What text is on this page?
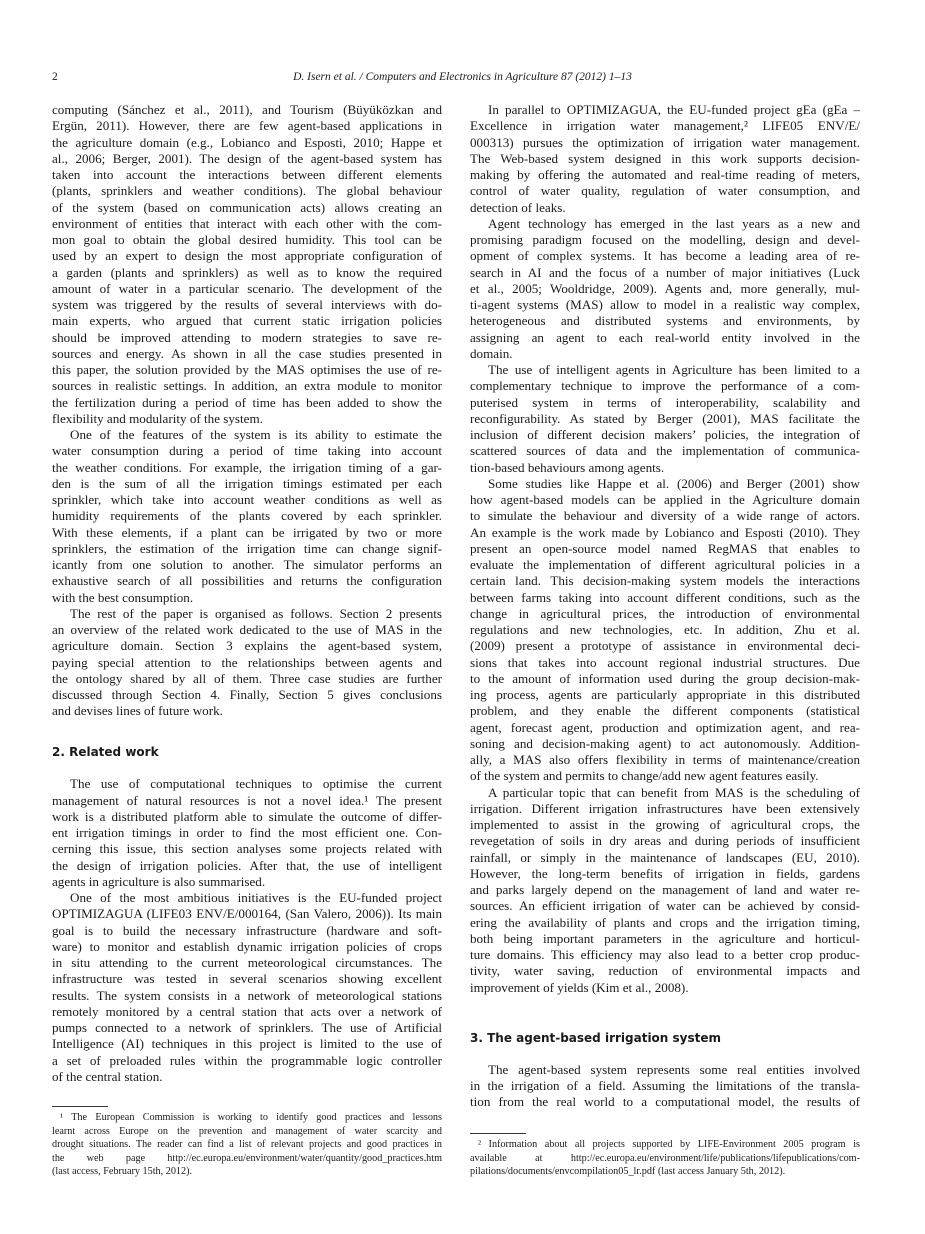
2	D. Isern et al. / Computers and Electronics in Agriculture 87 (2012) 1–13
computing (Sánchez et al., 2011), and Tourism (Büyüközkan and
Ergün, 2011). However, there are few agent-based applications in
the agriculture domain (e.g., Lobianco and Esposti, 2010; Happe et
al., 2006; Berger, 2001). The design of the agent-based system has
taken into account the interactions between different elements
(plants, sprinklers and weather conditions). The global behaviour
of the system (based on communication acts) allows creating an
environment of entities that interact with each other with the com-
mon goal to obtain the global desired humidity. This tool can be
used by an expert to design the most appropriate configuration of
a garden (plants and sprinklers) as well as to know the required
amount of water in a particular scenario. The development of the
system was triggered by the results of several interviews with do-
main experts, who argued that current static irrigation policies
should be improved attending to modern strategies to save re-
sources and energy. As shown in all the case studies presented in
this paper, the solution provided by the MAS optimises the use of re-
sources in realistic settings. In addition, an extra module to monitor
the fertilization during a period of time has been added to show the
flexibility and modularity of the system.
One of the features of the system is its ability to estimate the
water consumption during a period of time taking into account
the weather conditions. For example, the irrigation timing of a gar-
den is the sum of all the irrigation timings estimated per each
sprinkler, which take into account weather conditions as well as
humidity requirements of the plants covered by each sprinkler.
With these elements, if a plant can be irrigated by two or more
sprinklers, the estimation of the irrigation time can change signif-
icantly from one solution to another. The simulator performs an
exhaustive search of all possibilities and returns the configuration
with the best consumption.
The rest of the paper is organised as follows. Section 2 presents
an overview of the related work dedicated to the use of MAS in the
agriculture domain. Section 3 explains the agent-based system,
paying special attention to the relationships between agents and
the ontology shared by all of them. Three case studies are further
discussed through Section 4. Finally, Section 5 gives conclusions
and devises lines of future work.
2. Related work
The use of computational techniques to optimise the current
management of natural resources is not a novel idea.¹ The present
work is a distributed platform able to simulate the outcome of differ-
ent irrigation timings in order to find the most efficient one. Con-
cerning this issue, this section analyses some projects related with
the design of irrigation policies. After that, the use of intelligent
agents in agriculture is also summarised.
One of the most ambitious initiatives is the EU-funded project
OPTIMIZAGUA (LIFE03 ENV/E/000164, (San Valero, 2006)). Its main
goal is to build the necessary infrastructure (hardware and soft-
ware) to monitor and establish dynamic irrigation policies of crops
in situ attending to the current meteorological circumstances. The
infrastructure was tested in several scenarios showing excellent
results. The system consists in a network of meteorological stations
remotely monitored by a central station that acts over a network of
pumps connected to a network of sprinklers. The use of Artificial
Intelligence (AI) techniques in this project is limited to the use of
a set of preloaded rules within the programmable logic controller
of the central station.
In parallel to OPTIMIZAGUA, the EU-funded project gEa (gEa –
Excellence in irrigation water management,² LIFE05 ENV/E/
000313) pursues the optimization of irrigation water management.
The Web-based system designed in this work supports decision-
making by offering the automated and real-time reading of meters,
control of water quality, regulation of water consumption, and
detection of leaks.
Agent technology has emerged in the last years as a new and
promising paradigm focused on the modelling, design and devel-
opment of complex systems. It has become a leading area of re-
search in AI and the focus of a number of major initiatives (Luck
et al., 2005; Wooldridge, 2009). Agents and, more generally, mul-
ti-agent systems (MAS) allow to model in a realistic way complex,
heterogeneous and distributed systems and environments, by
assigning an agent to each real-world entity involved in the
domain.
The use of intelligent agents in Agriculture has been limited to a
complementary technique to improve the performance of a com-
puterised system in terms of interoperability, scalability and
reconfigurability. As stated by Berger (2001), MAS facilitate the
inclusion of different decision makers’ policies, the integration of
scattered sources of data and the implementation of communica-
tion-based behaviours among agents.
Some studies like Happe et al. (2006) and Berger (2001) show
how agent-based models can be applied in the Agriculture domain
to simulate the behaviour and diversity of a wide range of actors.
An example is the work made by Lobianco and Esposti (2010). They
present an open-source model named RegMAS that enables to
evaluate the implementation of different agricultural policies in a
certain land. This decision-making system models the interactions
between farms taking into account different conditions, such as the
change in agricultural prices, the introduction of environmental
regulations and new technologies, etc. In addition, Zhu et al.
(2009) present a prototype of assistance in environmental deci-
sions that takes into account regional industrial structures. Due
to the amount of information used during the group decision-mak-
ing process, agents are particularly appropriate in this distributed
problem, and they enable the different components (statistical
agent, forecast agent, production and optimization agent, and rea-
soning and decision-making agent) to act autonomously. Addition-
ally, a MAS also offers flexibility in terms of maintenance/creation
of the system and permits to change/add new agent features easily.
A particular topic that can benefit from MAS is the scheduling of
irrigation. Different irrigation infrastructures have been extensively
implemented to assist in the growing of agricultural crops, the
revegetation of soils in dry areas and during periods of insufficient
rainfall, or simply in the maintenance of landscapes (EU, 2010).
However, the long-term benefits of irrigation in fields, gardens
and parks largely depend on the management of land and water re-
sources. An efficient irrigation of water can be achieved by consid-
ering the availability of plants and crops and the irrigation timing,
both being important parameters in the agriculture and horticul-
ture domains. This efficiency may also lead to a better crop produc-
tivity, water saving, reduction of environmental impacts and
improvement of yields (Kim et al., 2008).
3. The agent-based irrigation system
The agent-based system represents some real entities involved
in the irrigation of a field. Assuming the limitations of the transla-
tion from the real world to a computational model, the results of
¹ The European Commission is working to identify good practices and lessons
learnt across Europe on the prevention and management of water scarcity and
drought situations. The reader can find a list of relevant projects and good practices in
the web page http://ec.europa.eu/environment/water/quantity/good_practices.htm
(last access, February 15th, 2012).
² Information about all projects supported by LIFE-Environment 2005 program is
available at http://ec.europa.eu/environment/life/publications/lifepublications/com-
pilations/documents/envcompilation05_lr.pdf (last access January 5th, 2012).
